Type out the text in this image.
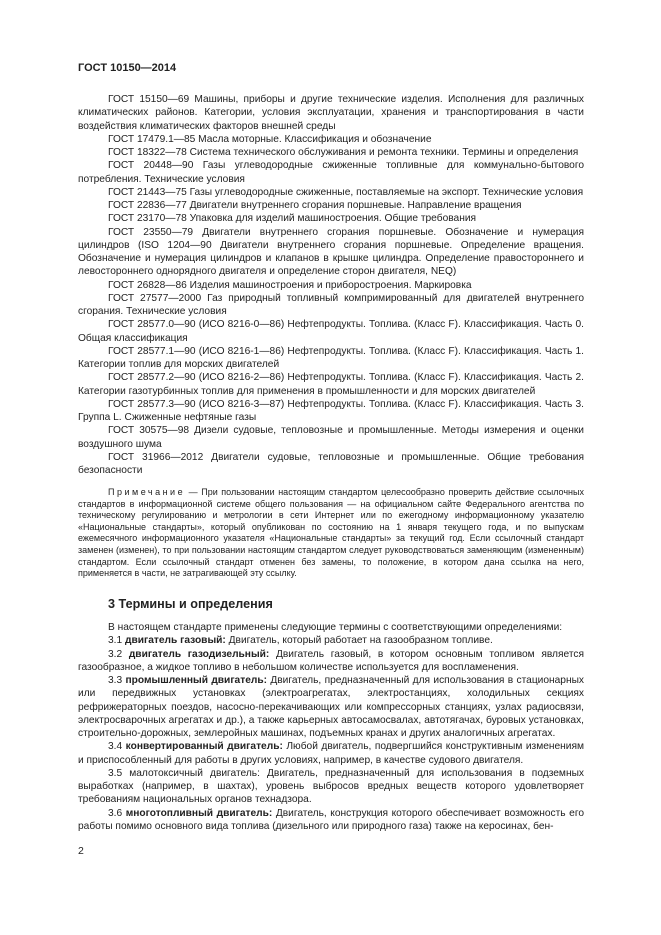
ГОСТ 10150—2014

ГОСТ 15150—69 Машины, приборы и другие технические изделия. Исполнения для различных климатических районов. Категории, условия эксплуатации, хранения и транспортирования в части воздействия климатических факторов внешней среды

ГОСТ 17479.1—85 Масла моторные. Классификация и обозначение

ГОСТ 18322—78 Система технического обслуживания и ремонта техники. Термины и определения

ГОСТ 20448—90 Газы углеводородные сжиженные топливные для коммунально-бытового потребления. Технические условия

ГОСТ 21443—75 Газы углеводородные сжиженные, поставляемые на экспорт. Технические условия

ГОСТ 22836—77 Двигатели внутреннего сгорания поршневые. Направление вращения

ГОСТ 23170—78 Упаковка для изделий машиностроения. Общие требования

ГОСТ 23550—79 Двигатели внутреннего сгорания поршневые. Обозначение и нумерация цилиндров (ISO 1204—90 Двигатели внутреннего сгорания поршневые. Определение вращения. Обозначение и нумерация цилиндров и клапанов в крышке цилиндра. Определение правостороннего и левостороннего однорядного двигателя и определение сторон двигателя, NEQ)

ГОСТ 26828—86 Изделия машиностроения и приборостроения. Маркировка

ГОСТ 27577—2000 Газ природный топливный компримированный для двигателей внутреннего сгорания. Технические условия

ГОСТ 28577.0—90 (ИСО 8216-0—86) Нефтепродукты. Топлива. (Класс F). Классификация. Часть 0. Общая классификация

ГОСТ 28577.1—90 (ИСО 8216-1—86) Нефтепродукты. Топлива. (Класс F). Классификация. Часть 1. Категории топлив для морских двигателей

ГОСТ 28577.2—90 (ИСО 8216-2—86) Нефтепродукты. Топлива. (Класс F). Классификация. Часть 2. Категории газотурбинных топлив для применения в промышленности и для морских двигателей

ГОСТ 28577.3—90 (ИСО 8216-3—87) Нефтепродукты. Топлива. (Класс F). Классификация. Часть 3. Группа L. Сжиженные нефтяные газы

ГОСТ 30575—98 Дизели судовые, тепловозные и промышленные. Методы измерения и оценки воздушного шума

ГОСТ 31966—2012 Двигатели судовые, тепловозные и промышленные. Общие требования безопасности

Примечание — При пользовании настоящим стандартом целесообразно проверить действие ссылочных стандартов в информационной системе общего пользования — на официальном сайте Федерального агентства по техническому регулированию и метрологии в сети Интернет или по ежегодному информационному указателю «Национальные стандарты», который опубликован по состоянию на 1 января текущего года, и по выпускам ежемесячного информационного указателя «Национальные стандарты» за текущий год. Если ссылочный стандарт заменен (изменен), то при пользовании настоящим стандартом следует руководствоваться заменяющим (измененным) стандартом. Если ссылочный стандарт отменен без замены, то положение, в котором дана ссылка на него, применяется в части, не затрагивающей эту ссылку.

3 Термины и определения

В настоящем стандарте применены следующие термины с соответствующими определениями:

3.1 двигатель газовый: Двигатель, который работает на газообразном топливе.

3.2 двигатель газодизельный: Двигатель газовый, в котором основным топливом является газообразное, а жидкое топливо в небольшом количестве используется для воспламенения.

3.3 промышленный двигатель: Двигатель, предназначенный для использования в стационарных или передвижных установках (электроагрегатах, электростанциях, холодильных секциях рефрижераторных поездов, насосно-перекачивающих или компрессорных станциях, узлах радиосвязи, электросварочных агрегатах и др.), а также карьерных автосамосвалах, автотягачах, буровых установках, строительно-дорожных, землеройных машинах, подъемных кранах и других аналогичных агрегатах.

3.4 конвертированный двигатель: Любой двигатель, подвергшийся конструктивным изменениям и приспособленный для работы в других условиях, например, в качестве судового двигателя.

3.5 малотоксичный двигатель: Двигатель, предназначенный для использования в подземных выработках (например, в шахтах), уровень выбросов вредных веществ которого удовлетворяет требованиям национальных органов технадзора.

3.6 многотопливный двигатель: Двигатель, конструкция которого обеспечивает возможность его работы помимо основного вида топлива (дизельного или природного газа) также на керосинах, бен-

2
